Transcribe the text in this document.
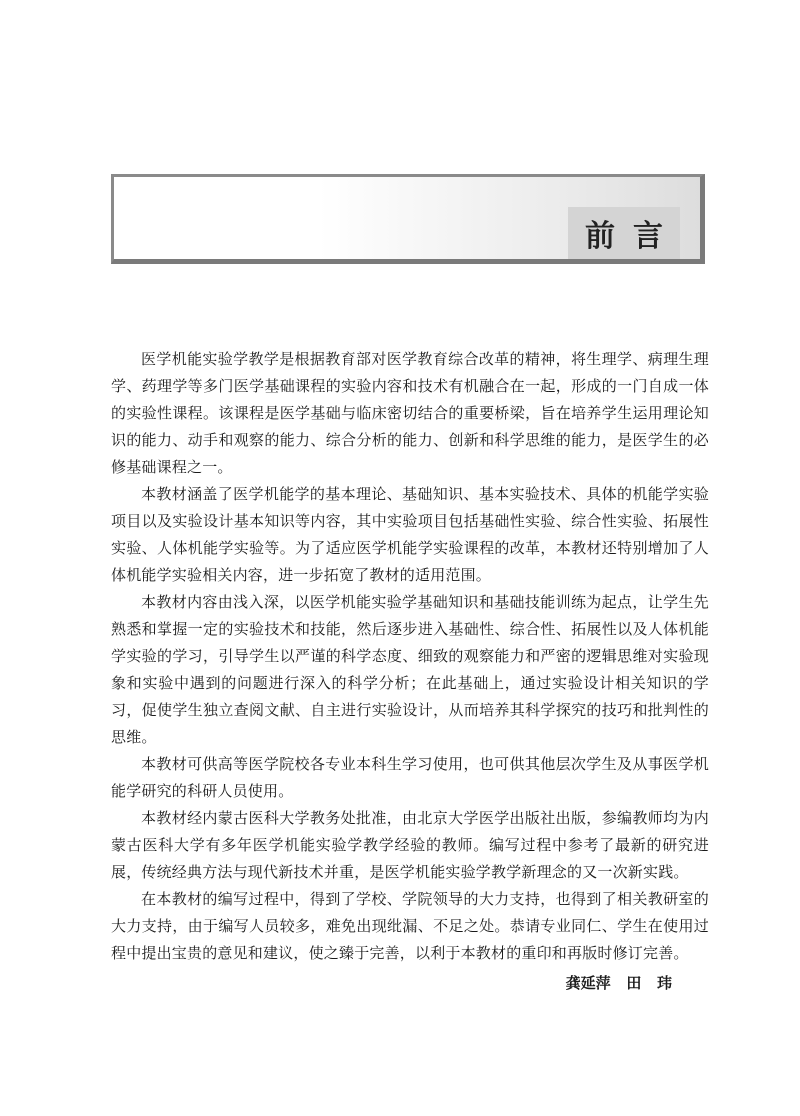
前言

医学机能实验学教学是根据教育部对医学教育综合改革的精神，将生理学、病理生理学、药理学等多门医学基础课程的实验内容和技术有机融合在一起，形成的一门自成一体的实验性课程。该课程是医学基础与临床密切结合的重要桥梁，旨在培养学生运用理论知识的能力、动手和观察的能力、综合分析的能力、创新和科学思维的能力，是医学生的必修基础课程之一。

本教材涵盖了医学机能学的基本理论、基础知识、基本实验技术、具体的机能学实验项目以及实验设计基本知识等内容，其中实验项目包括基础性实验、综合性实验、拓展性实验、人体机能学实验等。为了适应医学机能学实验课程的改革，本教材还特别增加了人体机能学实验相关内容，进一步拓宽了教材的适用范围。

本教材内容由浅入深，以医学机能实验学基础知识和基础技能训练为起点，让学生先熟悉和掌握一定的实验技术和技能，然后逐步进入基础性、综合性、拓展性以及人体机能学实验的学习，引导学生以严谨的科学态度、细致的观察能力和严密的逻辑思维对实验现象和实验中遇到的问题进行深入的科学分析；在此基础上，通过实验设计相关知识的学习，促使学生独立查阅文献、自主进行实验设计，从而培养其科学探究的技巧和批判性的思维。

本教材可供高等医学院校各专业本科生学习使用，也可供其他层次学生及从事医学机能学研究的科研人员使用。

本教材经内蒙古医科大学教务处批准，由北京大学医学出版社出版，参编教师均为内蒙古医科大学有多年医学机能实验学教学经验的教师。编写过程中参考了最新的研究进展，传统经典方法与现代新技术并重，是医学机能实验学教学新理念的又一次新实践。

在本教材的编写过程中，得到了学校、学院领导的大力支持，也得到了相关教研室的大力支持，由于编写人员较多，难免出现纰漏、不足之处。恭请专业同仁、学生在使用过程中提出宝贵的意见和建议，使之臻于完善，以利于本教材的重印和再版时修订完善。

龚延萍   田   玮
